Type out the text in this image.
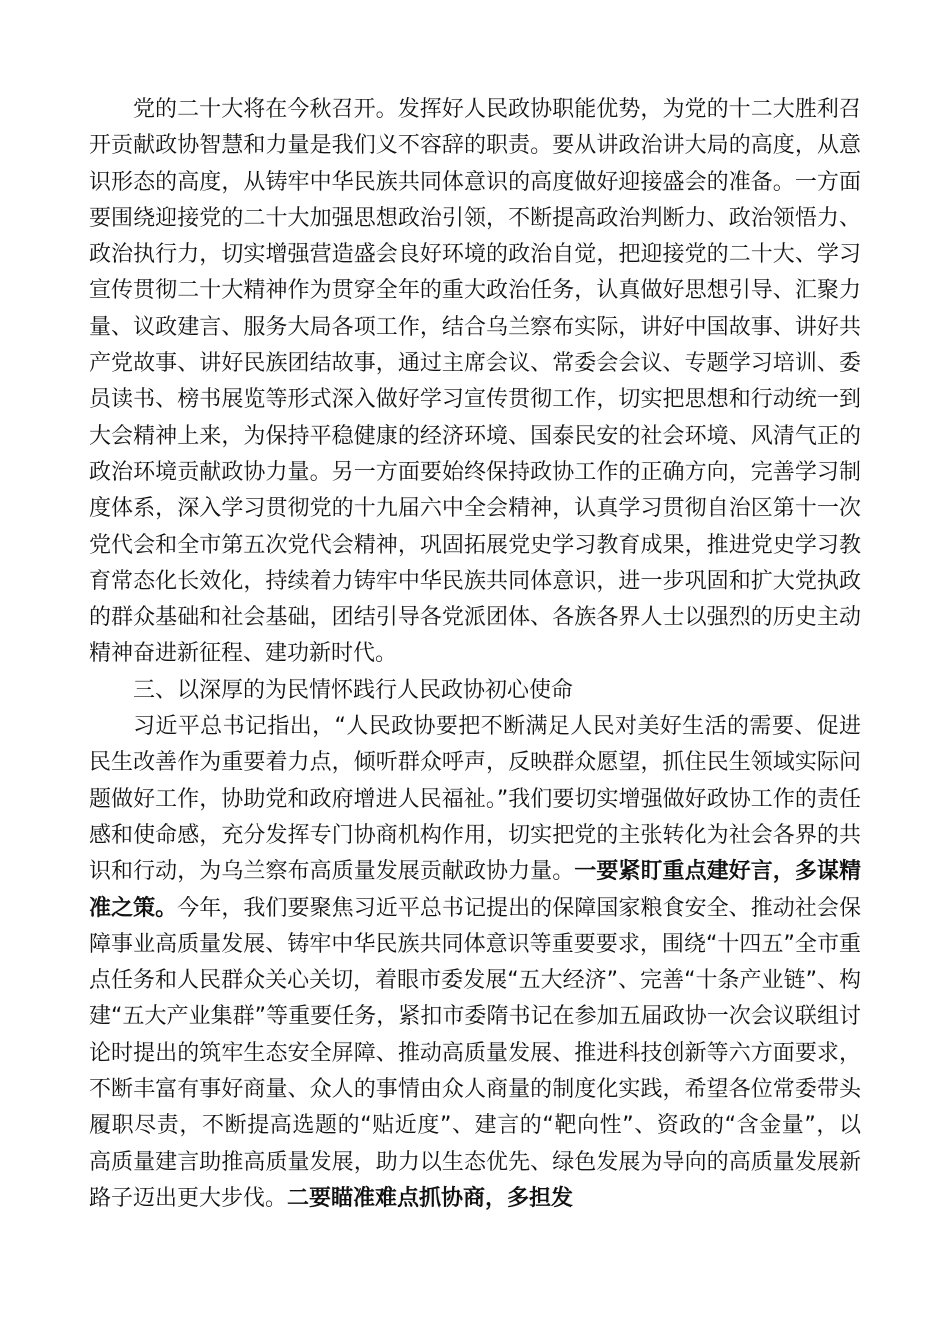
党的二十大将在今秋召开。发挥好人民政协职能优势，为党的十二大胜利召开贡献政协智慧和力量是我们义不容辞的职责。要从讲政治讲大局的高度，从意识形态的高度，从铸牢中华民族共同体意识的高度做好迎接盛会的准备。一方面要围绕迎接党的二十大加强思想政治引领，不断提高政治判断力、政治领悟力、政治执行力，切实增强营造盛会良好环境的政治自觉，把迎接党的二十大、学习宣传贯彻二十大精神作为贯穿全年的重大政治任务，认真做好思想引导、汇聚力量、议政建言、服务大局各项工作，结合乌兰察布实际，讲好中国故事、讲好共产党故事、讲好民族团结故事，通过主席会议、常委会会议、专题学习培训、委员读书、榜书展览等形式深入做好学习宣传贯彻工作，切实把思想和行动统一到大会精神上来，为保持平稳健康的经济环境、国泰民安的社会环境、风清气正的政治环境贡献政协力量。另一方面要始终保持政协工作的正确方向，完善学习制度体系，深入学习贯彻党的十九届六中全会精神，认真学习贯彻自治区第十一次党代会和全市第五次党代会精神，巩固拓展党史学习教育成果，推进党史学习教育常态化长效化，持续着力铸牢中华民族共同体意识，进一步巩固和扩大党执政的群众基础和社会基础，团结引导各党派团体、各族各界人士以强烈的历史主动精神奋进新征程、建功新时代。

三、以深厚的为民情怀践行人民政协初心使命

习近平总书记指出，“人民政协要把不断满足人民对美好生活的需要、促进民生改善作为重要着力点，倾听群众呼声，反映群众愿望，抓住民生领域实际问题做好工作，协助党和政府增进人民福祉。”我们要切实增强做好政协工作的责任感和使命感，充分发挥专门协商机构作用，切实把党的主张转化为社会各界的共识和行动，为乌兰察布高质量发展贡献政协力量。一要紧盯重点建好言，多谋精准之策。今年，我们要聚焦习近平总书记提出的保障国家粮食安全、推动社会保障事业高质量发展、铸牢中华民族共同体意识等重要要求，围绕“十四五”全市重点任务和人民群众关心关切，着眼市委发展“五大经济”、完善“十条产业链”、构建“五大产业集群”等重要任务，紧扣市委隋书记在参加五届政协一次会议联组讨论时提出的筑牢生态安全屏障、推动高质量发展、推进科技创新等六方面要求，不断丰富有事好商量、众人的事情由众人商量的制度化实践，希望各位常委带头履职尽责，不断提高选题的“贴近度”、建言的“靶向性”、资政的“含金量”，以高质量建言助推高质量发展，助力以生态优先、绿色发展为导向的高质量发展新路子迈出更大步伐。二要瞄准难点抓协商，多担发
